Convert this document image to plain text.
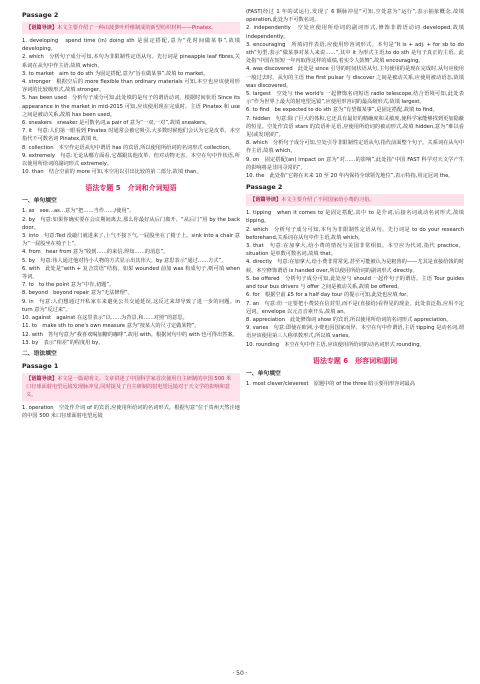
Passage 2
【语篇导读】本文主要介绍了一种由菠萝叶纤维制成的新型纺织材料——Pinatex。
1. developing　spend time (in) doing sth 是固定搭配,意为“花时间做某事”,故填 developing。
2. which　分析句子成分可知,本句为非限制性定语从句。先行词是 pineapple leaf fibres,关系词在从句中作主语,故填 which。
3. to market　aim to do sth 为固定搭配,意为“旨在做某事”,故填 to market。
4. stronger　根据空后的 more flexible than ordinary materials 可知,本空也应该使用形容词的比较级形式,故填 stronger。
5. has been used　分析句子成分可知,此处填的是句子的谓语动词。根据时间状语 Since its appearance in the market in mid-2015 可知,应该使用现在完成时。主语 Pinatex 和 use 之间是被动关系,故填 has been used。
6. sneakers　sneaker 是可数名词,a pair of 意为“一双,一对”,故填 sneakers。
7. it　句意:人们第一眼看到 Pinatex 时通常会被它吸引,大多数时候他们会认为它是皮革。本空指代不可数名词 Pinatex,故填 it。
8. collection　本空作定语从句中谓语 has 的宾语,所以使用所给词的名词形式 collection。
9. extremely　句意:无论从哪方面看,它都跟其他皮革、但对动物无害。本空在句中作状语,所以使用所给词的副词形式 extremely。
10. than　结合空前的 more 可知,本空用以引出比较的第二部分,故填 than。
语法专题 5　介词和介词短语
一、单句填空
1. as　see…as…意为“把……当作……/使用”。
2. by　句意:如果你确实要在会议期间离去,那么你最好从后门离开。“从后门”用 by the back door。
3. into　句意:Ted 没敲门就进来了,上气不接下气,一屁股坐在了椅子上。sink into a chair 意为“一屁股坐在椅子上”。
4. from　hear from 意为“收到……的来信,得知……的消息”。
5. by　句意:伟人通过他对待小人物的方式显示出其伟大。by 意思表示“通过……方式”。
6. with　此处是“with + 复合宾语”结构。如果 wounded 前加 was 构成句子,则可填 when 等词。
7. to　to the point 意为“中肯,切题”。
8. beyond　beyond repair 意为“无法修理”。
9. in　句意:人们想通过开私家车来避免公共交通延误,这反过来却导致了进一步的问题。in turn 意为“反过来”。
10. against　against 在这里表示“以……为背景,和……对照”的意思。
11. to　make sth to one's own measure 意为“按某人的尺寸定做某物”。
12. with　答句句意为“我喜欢喝加糖的咖啡”,故用 with。根据问句中的 with 也可得出答案。
13. by　表示“相差”的程度用 by。
二、语法填空
Passage 1
【语篇导读】本文是一篇说明文。文章讲述了中国科学家首次使用自主研制的中国 500 米口径球面射电望远镜发现脉冲星,同时提及了自主研制的射电望远镜对于天文学的影响和意义。
1. operation　空处作介词 of 的宾语,应使用所给词的名词形式。根据句意“位于贵州天然洼地的中国 500 米口径球面射电望远镜
(FAST)经过 1 年的试运行,发现了 6 颗脉冲星”可知,空处意为“运行”,表示抽象概念,故填 operation,此处为不可数名词。
2. independently　空处应使用所给词的副词形式,修饰非谓语动词 developed,故填 independently。
3. encouraging　所填词作表语,应使用形容词形式。本句是“It is + adj. + for sb to do sth”句型,表示“做某事对某人来说……”,其中 it 为形式主语,to do sth 是句子真正的主语。此处指“中国在短短一年内取得这样的成绩,着实令人鼓舞”,故填 encouraging。
4. was discovered　此处是 since 引导的时间状语从句,主句使用的是现在完成时,从句应使用一般过去时。从句的主语 the first pulsar 与 discover 之间是被动关系,应使用被动语态,故填 was discovered。
5. largest　空处与 the world's 一起修饰名词短语 radio telescope,结合语境可知,此处表示“作为世界上最大的射电望远镜”,应使用形容词的最高级形式,故填 largest。
6. to find　be expected to do sth 意为“有望做某事”,是固定搭配,故填 to find。
7. hidden　句意:除了巨大的体积,它还具有最好的精确度和灵敏度,使科学家能够找到更加隐蔽的恒星。空处作宾语 stars 的宾语补足语,应使用所给词的被动形式,故填 hidden,意为“难以看见(或发现)的”。
8. which　分析句子成分可知,空处引导非限制性定语从句,指代前面整个句子。关系词在从句中作主语,故填 which。
9. on　固定搭配(an) impact on 意为“对……的影响”,此处指“中国 FAST 科学对天文学产生的影响将是非同寻常的”。
10. the　此处指“它将在未来 10 至 20 年内保持全球领先地位”,表示特指,用定冠词 the。
Passage 2
【语篇导读】本文主要介绍了不同国家给小费的习俗。
1. tipping　when it comes to 是固定搭配,其中 to 是介词,后接名词或动名词形式,故填 tipping。
2. which　分析句子成分可知,本句为非限制性定语从句。先行词是 to do your research beforehand,关系词在从句中作主语,故填 which。
3. that　句意:在加拿大,给小费的情况与美国非常相似。本空应为代词,指代 practice。situation 是单数可数名词,故填 that。
4. directly　句意:在加拿大,给小费非常常见,甚至可能被认为是粗鲁的——尤其是直接给钱的时候。本空修饰谓语 is handed over,所以使用所给词的副词形式 directly。
5. be offered　分析句子成分可知,此处应与 should 一起作句子的谓语。主语 Tour guides and tour bus drivers 与 offer 之间是被动关系,故填 be offered。
6. for　根据空前 £5 for a half day tour 的提示可知,此处也应填 for。
7. an　句意:但一定要把小费装在信封里,而不是(直接给)看得见的现金。此处表泛指,应用不定冠词。envelope 以元音音素开头,故填 an。
8. appreciation　此处修饰词 show 的宾语,所以使用所给词的名词形式 appreciation。
9. varies　句意:即使在欧洲,小费也因国家而异。本空在句中作谓语,主语 tipping 是动名词,谓语应该使用第三人称单数形式,所以填 varies。
10. rounding　本空在句中作主语,应该使用所给词的动名词形式 rounding。
语法专题 6　形容词和副词
一、单句填空
1. most clever/cleverest　原题中的 of the three 暗示要用形容词最高
· 50 ·
